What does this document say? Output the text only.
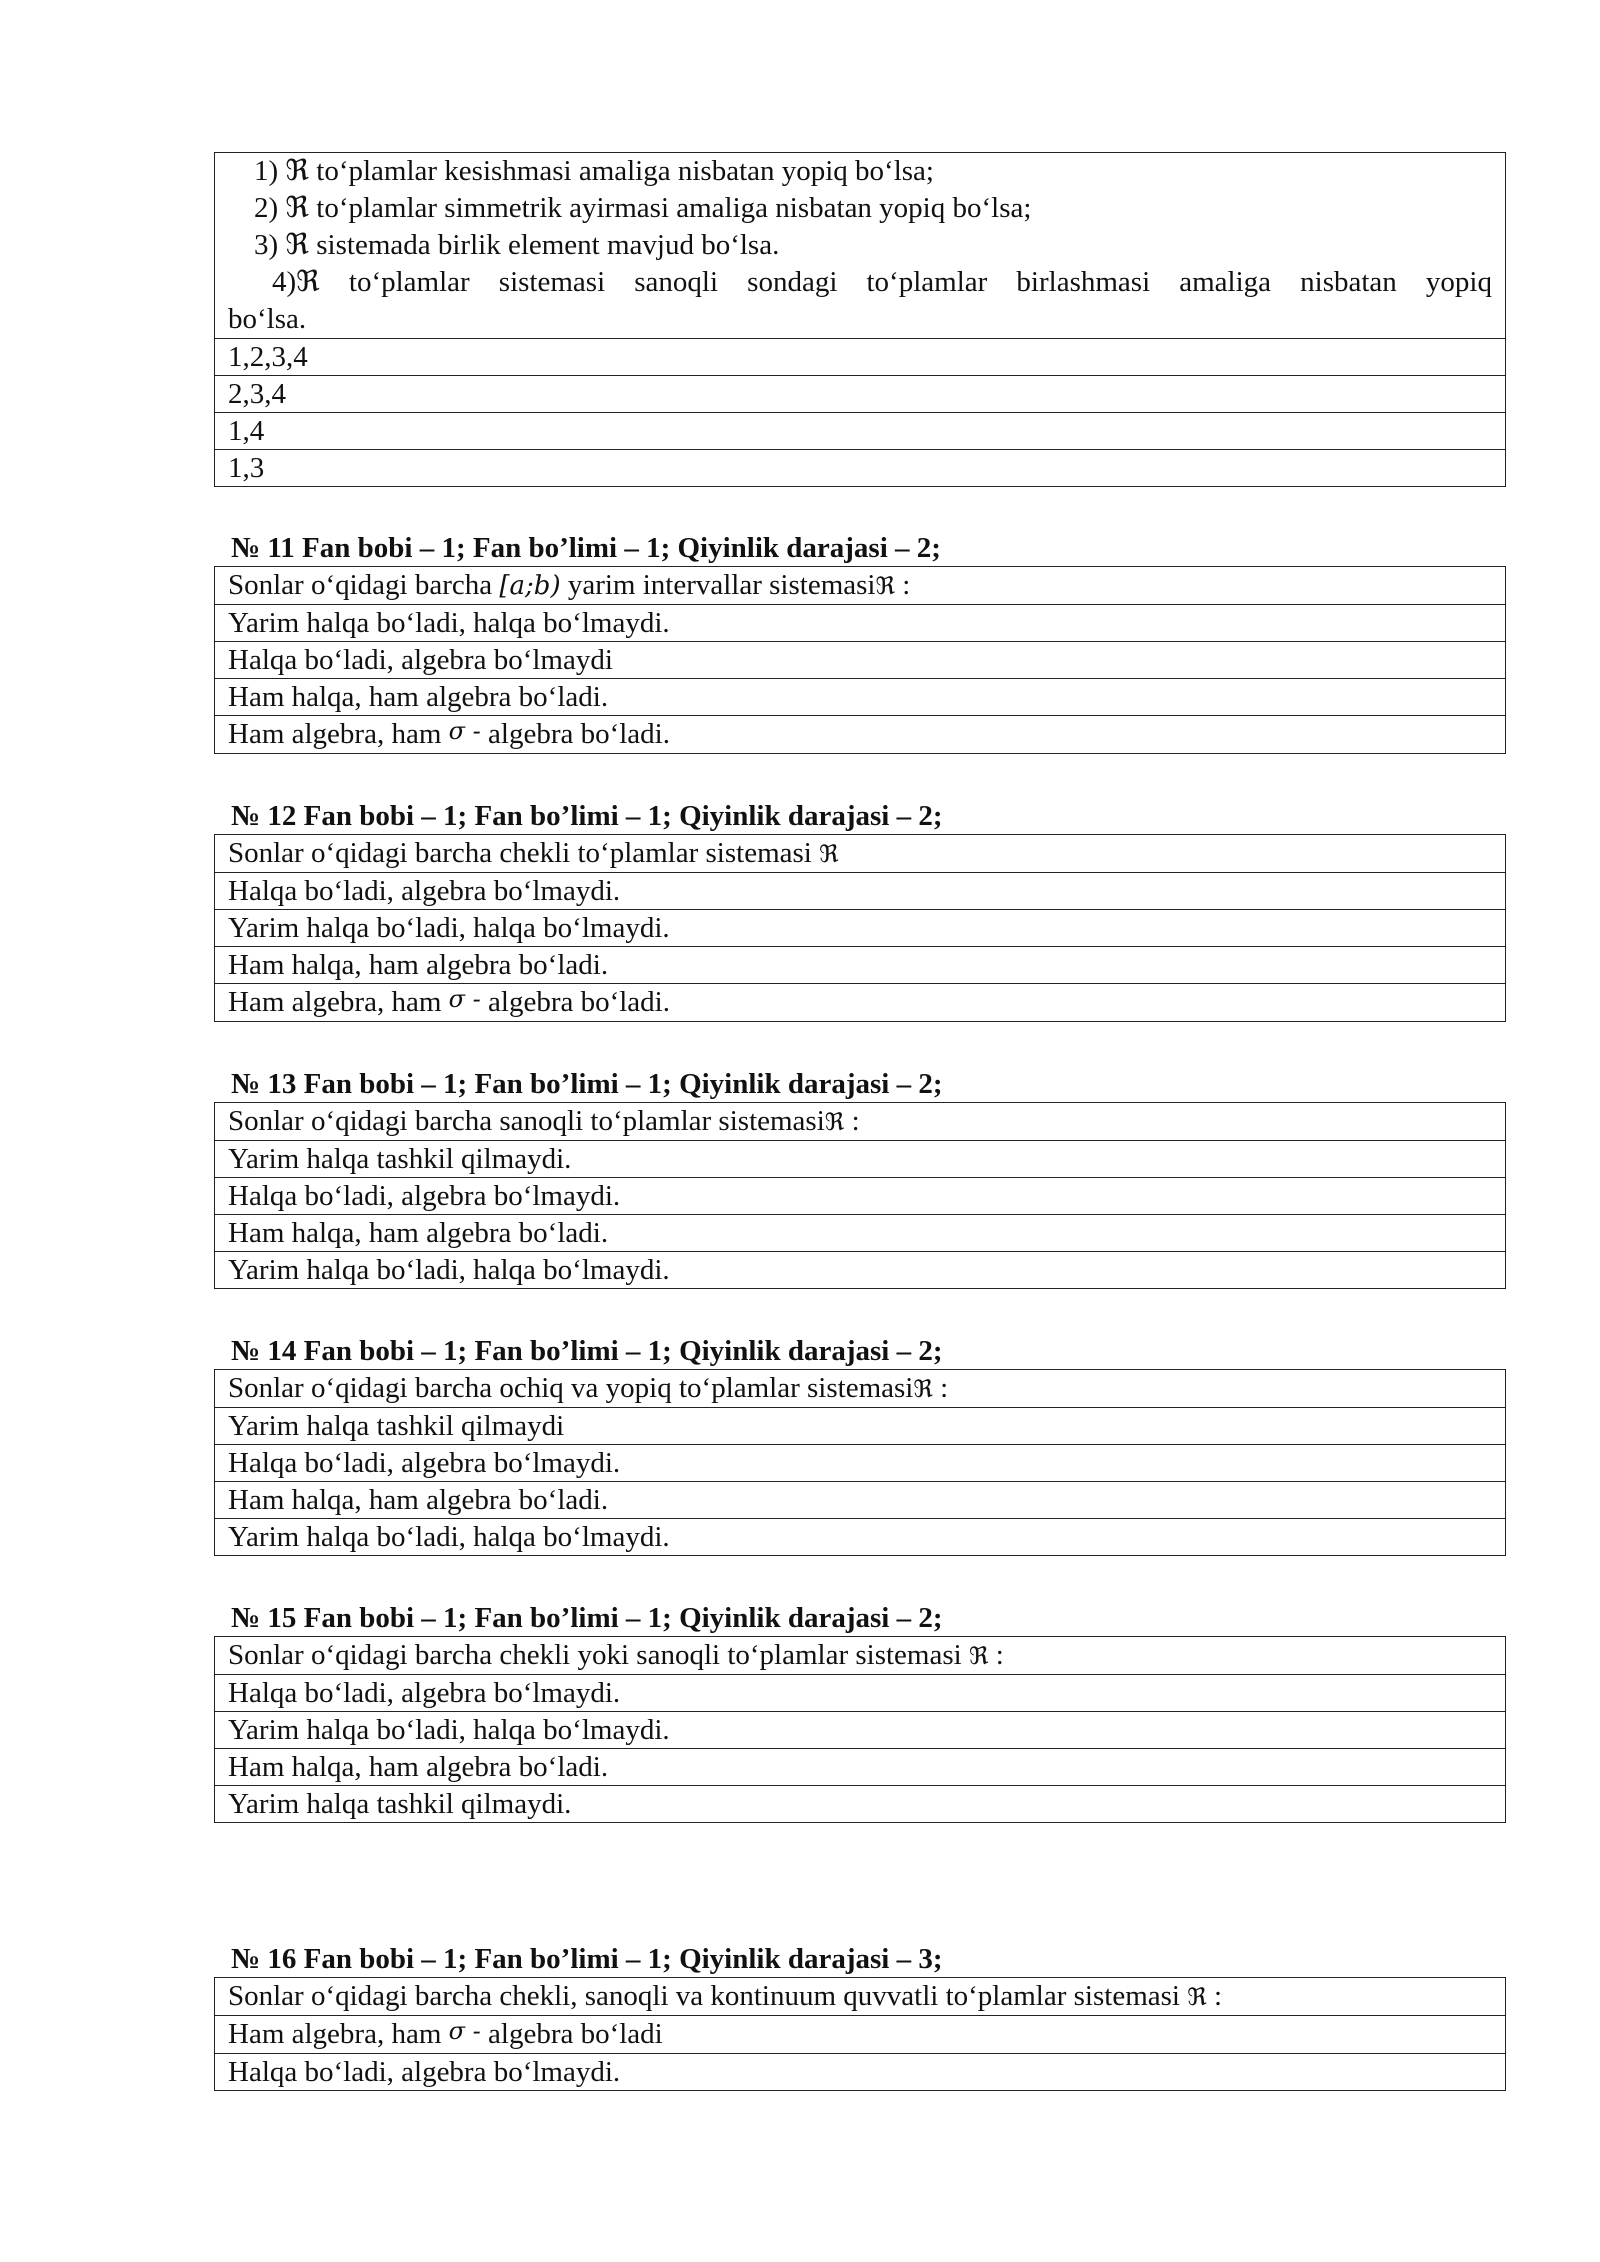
1) ℜ to‘plamlar kesishmasi amaliga nisbatan yopiq bo‘lsa;
2) ℜ to‘plamlar simmetrik ayirmasi amaliga nisbatan yopiq bo‘lsa;
3) ℜ sistemada birlik element mavjud bo‘lsa.
4)ℜ to‘plamlar sistemasi sanoqli sondagi to‘plamlar birlashmasi amaliga nisbatan yopiq
bo‘lsa.

1,2,3,4
2,3,4
1,4
1,3

№ 11 Fan bobi – 1; Fan bo’limi – 1; Qiyinlik darajasi – 2;

Sonlar o‘qidagi barcha [a;b) yarim intervallar sistemasiℜ :
Yarim halqa bo‘ladi, halqa bo‘lmaydi.
Halqa bo‘ladi, algebra bo‘lmaydi
Ham halqa, ham algebra bo‘ladi.
Ham algebra, ham σ - algebra bo‘ladi.

№ 12 Fan bobi – 1; Fan bo’limi – 1; Qiyinlik darajasi – 2;

Sonlar o‘qidagi barcha chekli to‘plamlar sistemasi ℜ
Halqa bo‘ladi, algebra bo‘lmaydi.
Yarim halqa bo‘ladi, halqa bo‘lmaydi.
Ham halqa, ham algebra bo‘ladi.
Ham algebra, ham σ - algebra bo‘ladi.

№ 13 Fan bobi – 1; Fan bo’limi – 1; Qiyinlik darajasi – 2;

Sonlar o‘qidagi barcha sanoqli to‘plamlar sistemasiℜ :
Yarim halqa tashkil qilmaydi.
Halqa bo‘ladi, algebra bo‘lmaydi.
Ham halqa, ham algebra bo‘ladi.
Yarim halqa bo‘ladi, halqa bo‘lmaydi.

№ 14 Fan bobi – 1; Fan bo’limi – 1; Qiyinlik darajasi – 2;

Sonlar o‘qidagi barcha ochiq va yopiq to‘plamlar sistemasiℜ :
Yarim halqa tashkil qilmaydi
Halqa bo‘ladi, algebra bo‘lmaydi.
Ham halqa, ham algebra bo‘ladi.
Yarim halqa bo‘ladi, halqa bo‘lmaydi.

№ 15 Fan bobi – 1; Fan bo’limi – 1; Qiyinlik darajasi – 2;

Sonlar o‘qidagi barcha chekli yoki sanoqli to‘plamlar sistemasi ℜ :
Halqa bo‘ladi, algebra bo‘lmaydi.
Yarim halqa bo‘ladi, halqa bo‘lmaydi.
Ham halqa, ham algebra bo‘ladi.
Yarim halqa tashkil qilmaydi.

№ 16 Fan bobi – 1; Fan bo’limi – 1; Qiyinlik darajasi – 3;

Sonlar o‘qidagi barcha chekli, sanoqli va kontinuum quvvatli to‘plamlar sistemasi ℜ :
Ham algebra, ham σ - algebra bo‘ladi
Halqa bo‘ladi, algebra bo‘lmaydi.
